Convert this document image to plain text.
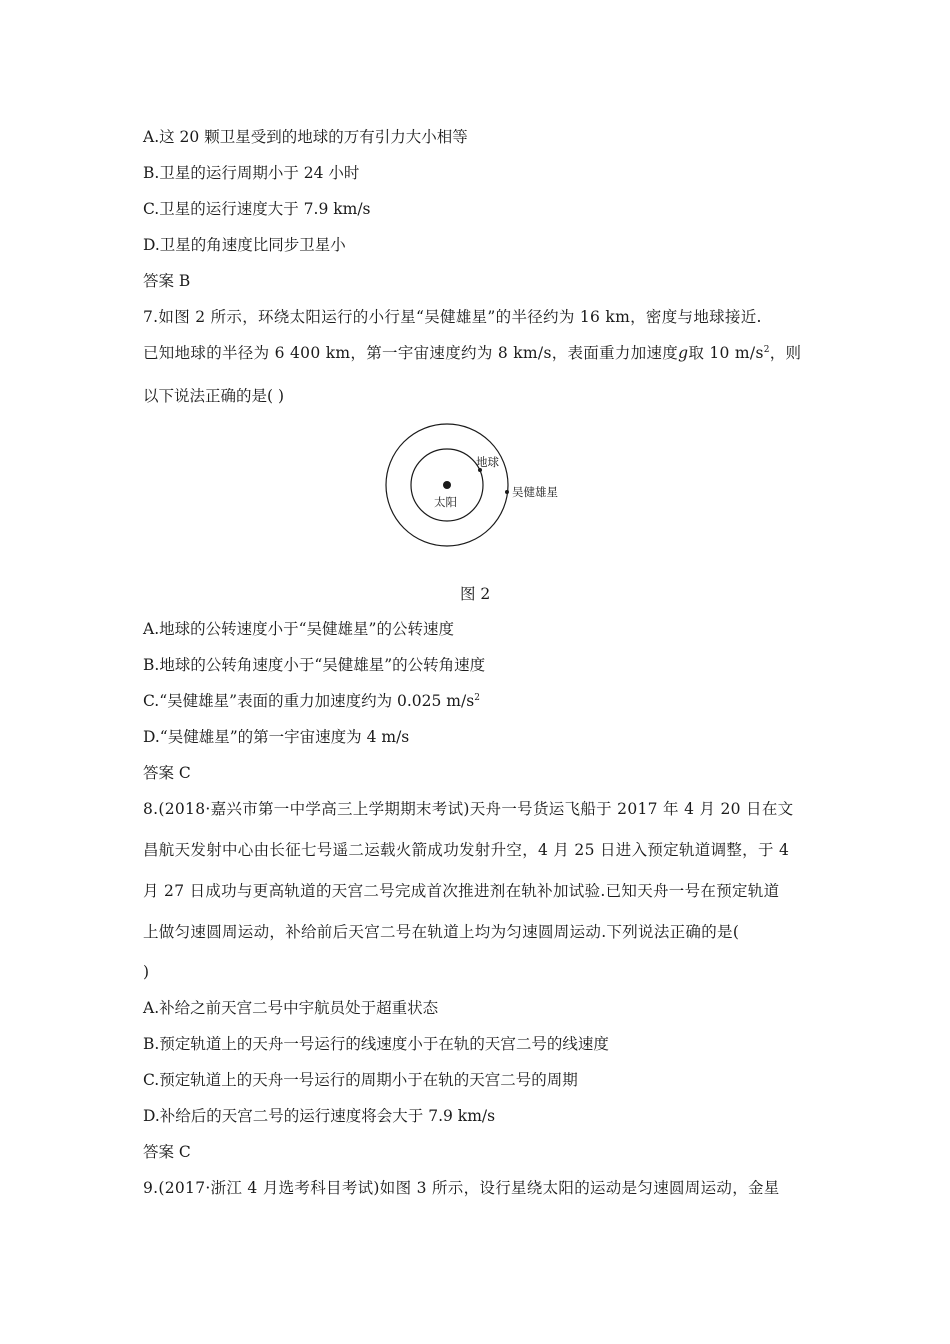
A.这 20 颗卫星受到的地球的万有引力大小相等
B.卫星的运行周期小于 24 小时
C.卫星的运行速度大于 7.9 km/s
D.卫星的角速度比同步卫星小
答案 B
7.如图 2 所示，环绕太阳运行的小行星“吴健雄星”的半径约为 16 km，密度与地球接近.
已知地球的半径为 6 400 km，第一宇宙速度约为 8 km/s，表面重力加速度g取 10 $m/s^2$，则
以下说法正确的是( )
太阳
地球
吴健雄星
图 2
A.地球的公转速度小于“吴健雄星”的公转速度
B.地球的公转角速度小于“吴健雄星”的公转角速度
C.“吴健雄星”表面的重力加速度约为 0.025 $m/s^2$
D.“吴健雄星”的第一宇宙速度为 4 m/s
答案 C
8.(2018·嘉兴市第一中学高三上学期期末考试)天舟一号货运飞船于 2017 年 4 月 20 日在文
昌航天发射中心由长征七号遥二运载火箭成功发射升空，4 月 25 日进入预定轨道调整，于 4
月 27 日成功与更高轨道的天宫二号完成首次推进剂在轨补加试验.已知天舟一号在预定轨道
上做匀速圆周运动，补给前后天宫二号在轨道上均为匀速圆周运动.下列说法正确的是(
)
A.补给之前天宫二号中宇航员处于超重状态
B.预定轨道上的天舟一号运行的线速度小于在轨的天宫二号的线速度
C.预定轨道上的天舟一号运行的周期小于在轨的天宫二号的周期
D.补给后的天宫二号的运行速度将会大于 7.9 km/s
答案 C
9.(2017·浙江 4 月选考科目考试)如图 3 所示，设行星绕太阳的运动是匀速圆周运动，金星
